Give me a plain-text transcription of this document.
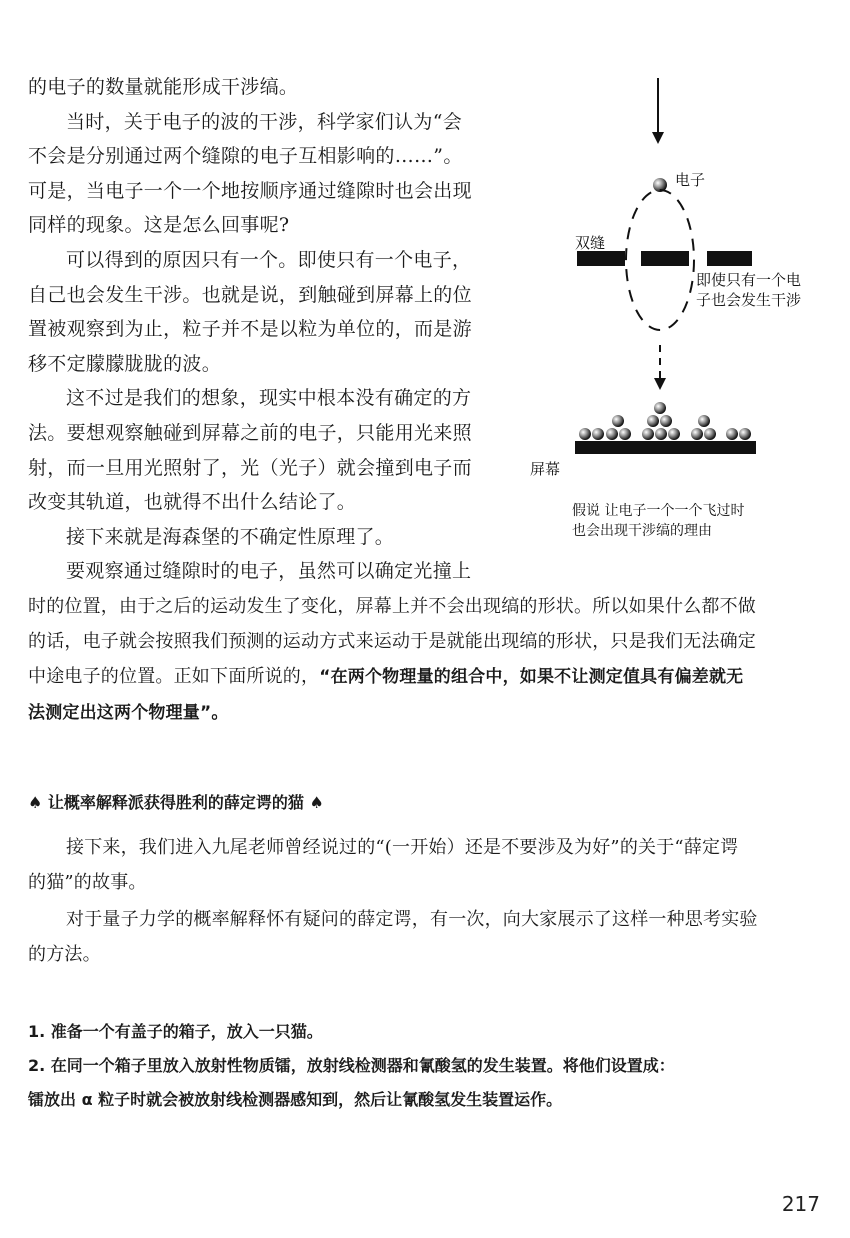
的电子的数量就能形成干涉缟。
当时，关于电子的波的干涉，科学家们认为“会
不会是分别通过两个缝隙的电子互相影响的……”。
可是，当电子一个一个地按顺序通过缝隙时也会出现
同样的现象。这是怎么回事呢?
可以得到的原因只有一个。即使只有一个电子，
自己也会发生干涉。也就是说，到触碰到屏幕上的位
置被观察到为止，粒子并不是以粒为单位的，而是游
移不定朦朦胧胧的波。
这不过是我们的想象，现实中根本没有确定的方
法。要想观察触碰到屏幕之前的电子，只能用光来照
射，而一旦用光照射了，光（光子）就会撞到电子而
改变其轨道，也就得不出什么结论了。
接下来就是海森堡的不确定性原理了。
要观察通过缝隙时的电子，虽然可以确定光撞上
时的位置，由于之后的运动发生了变化，屏幕上并不会出现缟的形状。所以如果什么都不做
的话，电子就会按照我们预测的运动方式来运动于是就能出现缟的形状，只是我们无法确定
中途电子的位置。正如下面所说的，“在两个物理量的组合中，如果不让测定值具有偏差就无
法测定出这两个物理量”。
♠ 让概率解释派获得胜利的薛定谔的猫 ♠
接下来，我们进入九尾老师曾经说过的“(一开始）还是不要涉及为好”的关于“薛定谔
的猫”的故事。
对于量子力学的概率解释怀有疑问的薛定谔，有一次，向大家展示了这样一种思考实验
的方法。
1. 准备一个有盖子的箱子，放入一只猫。
2. 在同一个箱子里放入放射性物质镭，放射线检测器和氰酸氢的发生装置。将他们设置成：
镭放出 α 粒子时就会被放射线检测器感知到，然后让氰酸氢发生装置运作。
电子
双缝
即使只有一个电
子也会发生干涉
屏幕
假说 让电子一个一个飞过时
也会出现干涉缟的理由
217
